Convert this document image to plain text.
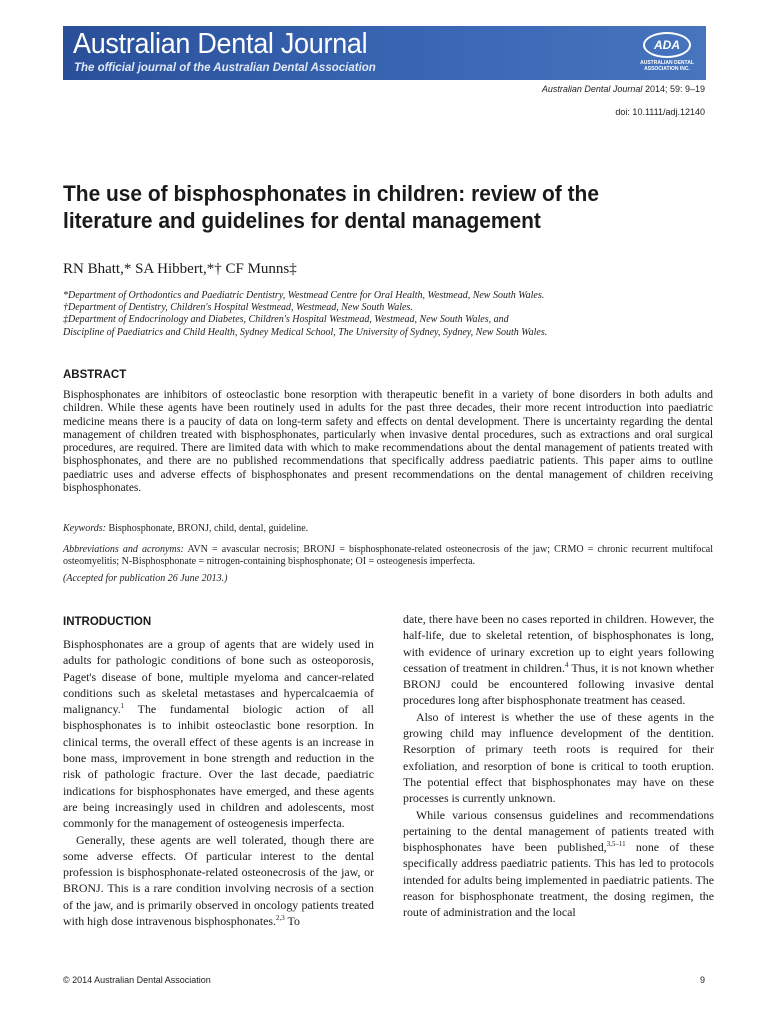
Australian Dental Journal
The official journal of the Australian Dental Association
ADA
AUSTRALIAN DENTAL ASSOCIATION INC.
Australian Dental Journal 2014; 59: 9–19
doi: 10.1111/adj.12140
The use of bisphosphonates in children: review of the literature and guidelines for dental management
RN Bhatt,* SA Hibbert,*† CF Munns‡
*Department of Orthodontics and Paediatric Dentistry, Westmead Centre for Oral Health, Westmead, New South Wales.
†Department of Dentistry, Children's Hospital Westmead, Westmead, New South Wales.
‡Department of Endocrinology and Diabetes, Children's Hospital Westmead, Westmead, New South Wales, and
Discipline of Paediatrics and Child Health, Sydney Medical School, The University of Sydney, Sydney, New South Wales.
ABSTRACT
Bisphosphonates are inhibitors of osteoclastic bone resorption with therapeutic benefit in a variety of bone disorders in both adults and children. While these agents have been routinely used in adults for the past three decades, their more recent introduction into paediatric medicine means there is a paucity of data on long-term safety and effects on dental development. There is uncertainty regarding the dental management of children treated with bisphosphonates, particularly when invasive dental procedures, such as extractions and oral surgical procedures, are required. There are limited data with which to make recommendations about the dental management of patients treated with bisphosphonates, and there are no published recommendations that specifically address paediatric patients. This paper aims to outline paediatric uses and adverse effects of bisphosphonates and present recommendations on the dental management of children receiving bisphosphonates.
Keywords: Bisphosphonate, BRONJ, child, dental, guideline.
Abbreviations and acronyms: AVN = avascular necrosis; BRONJ = bisphosphonate-related osteonecrosis of the jaw; CRMO = chronic recurrent multifocal osteomyelitis; N-Bisphosphonate = nitrogen-containing bisphosphonate; OI = osteogenesis imperfecta.
(Accepted for publication 26 June 2013.)
INTRODUCTION

Bisphosphonates are a group of agents that are widely used in adults for pathologic conditions of bone such as osteoporosis, Paget's disease of bone, multiple myeloma and cancer-related conditions such as skeletal metastases and hypercalcaemia of malignancy.$^1$ The fundamental biologic action of all bisphosphonates is to inhibit osteoclastic bone resorption. In clinical terms, the overall effect of these agents is an increase in bone mass, improvement in bone strength and reduction in the risk of pathologic fracture. Over the last decade, paediatric indications for bisphosphonates have emerged, and these agents are being increasingly used in children and adolescents, most commonly for the management of osteogenesis imperfecta.

Generally, these agents are well tolerated, though there are some adverse effects. Of particular interest to the dental profession is bisphosphonate-related osteonecrosis of the jaw, or BRONJ. This is a rare condition involving necrosis of a section of the jaw, and is primarily observed in oncology patients treated with high dose intravenous bisphosphonates.$^{2,3}$ To

date, there have been no cases reported in children. However, the half-life, due to skeletal retention, of bisphosphonates is long, with evidence of urinary excretion up to eight years following cessation of treatment in children.$^4$ Thus, it is not known whether BRONJ could be encountered following invasive dental procedures long after bisphosphonate treatment has ceased.

Also of interest is whether the use of these agents in the growing child may influence development of the dentition. Resorption of primary teeth roots is required for their exfoliation, and resorption of bone is critical to tooth eruption. The potential effect that bisphosphonates may have on these processes is currently unknown.

While various consensus guidelines and recommendations pertaining to the dental management of patients treated with bisphosphonates have been published,$^{3,5-11}$ none of these specifically address paediatric patients. This has led to protocols intended for adults being implemented in paediatric patients. The reason for bisphosphonate treatment, the dosing regimen, the route of administration and the local

© 2014 Australian Dental Association	9
